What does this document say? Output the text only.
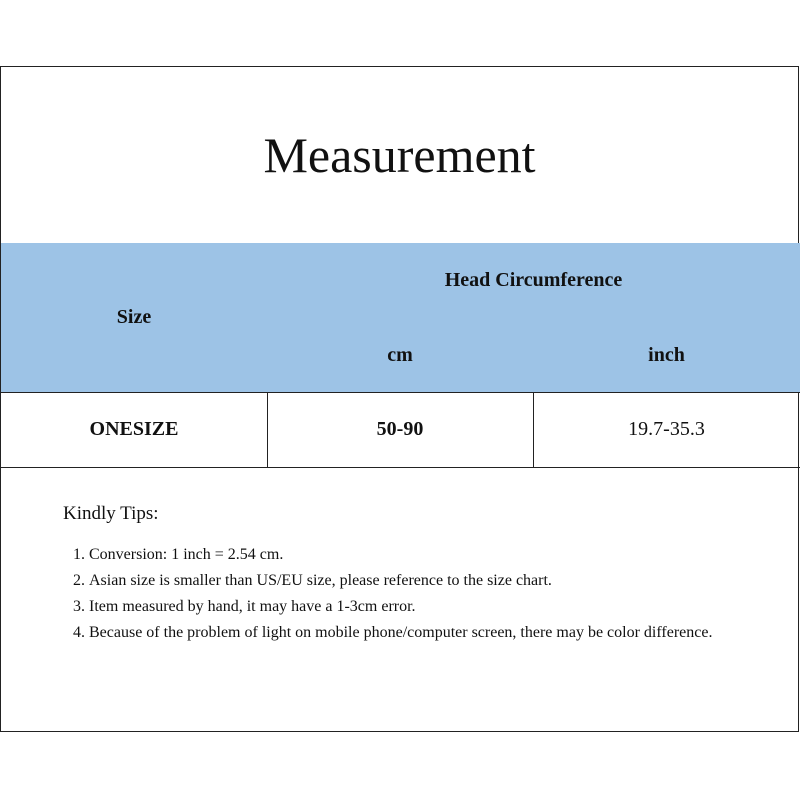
Measurement
Size
Head Circumference
cm	inch
ONESIZE	50-90	19.7-35.3
Kindly Tips:
1. Conversion: 1 inch = 2.54 cm.
2. Asian size is smaller than US/EU size, please reference to the size chart.
3. Item measured by hand, it may have a 1-3cm error.
4. Because of the problem of light on mobile phone/computer screen, there may be color difference.
